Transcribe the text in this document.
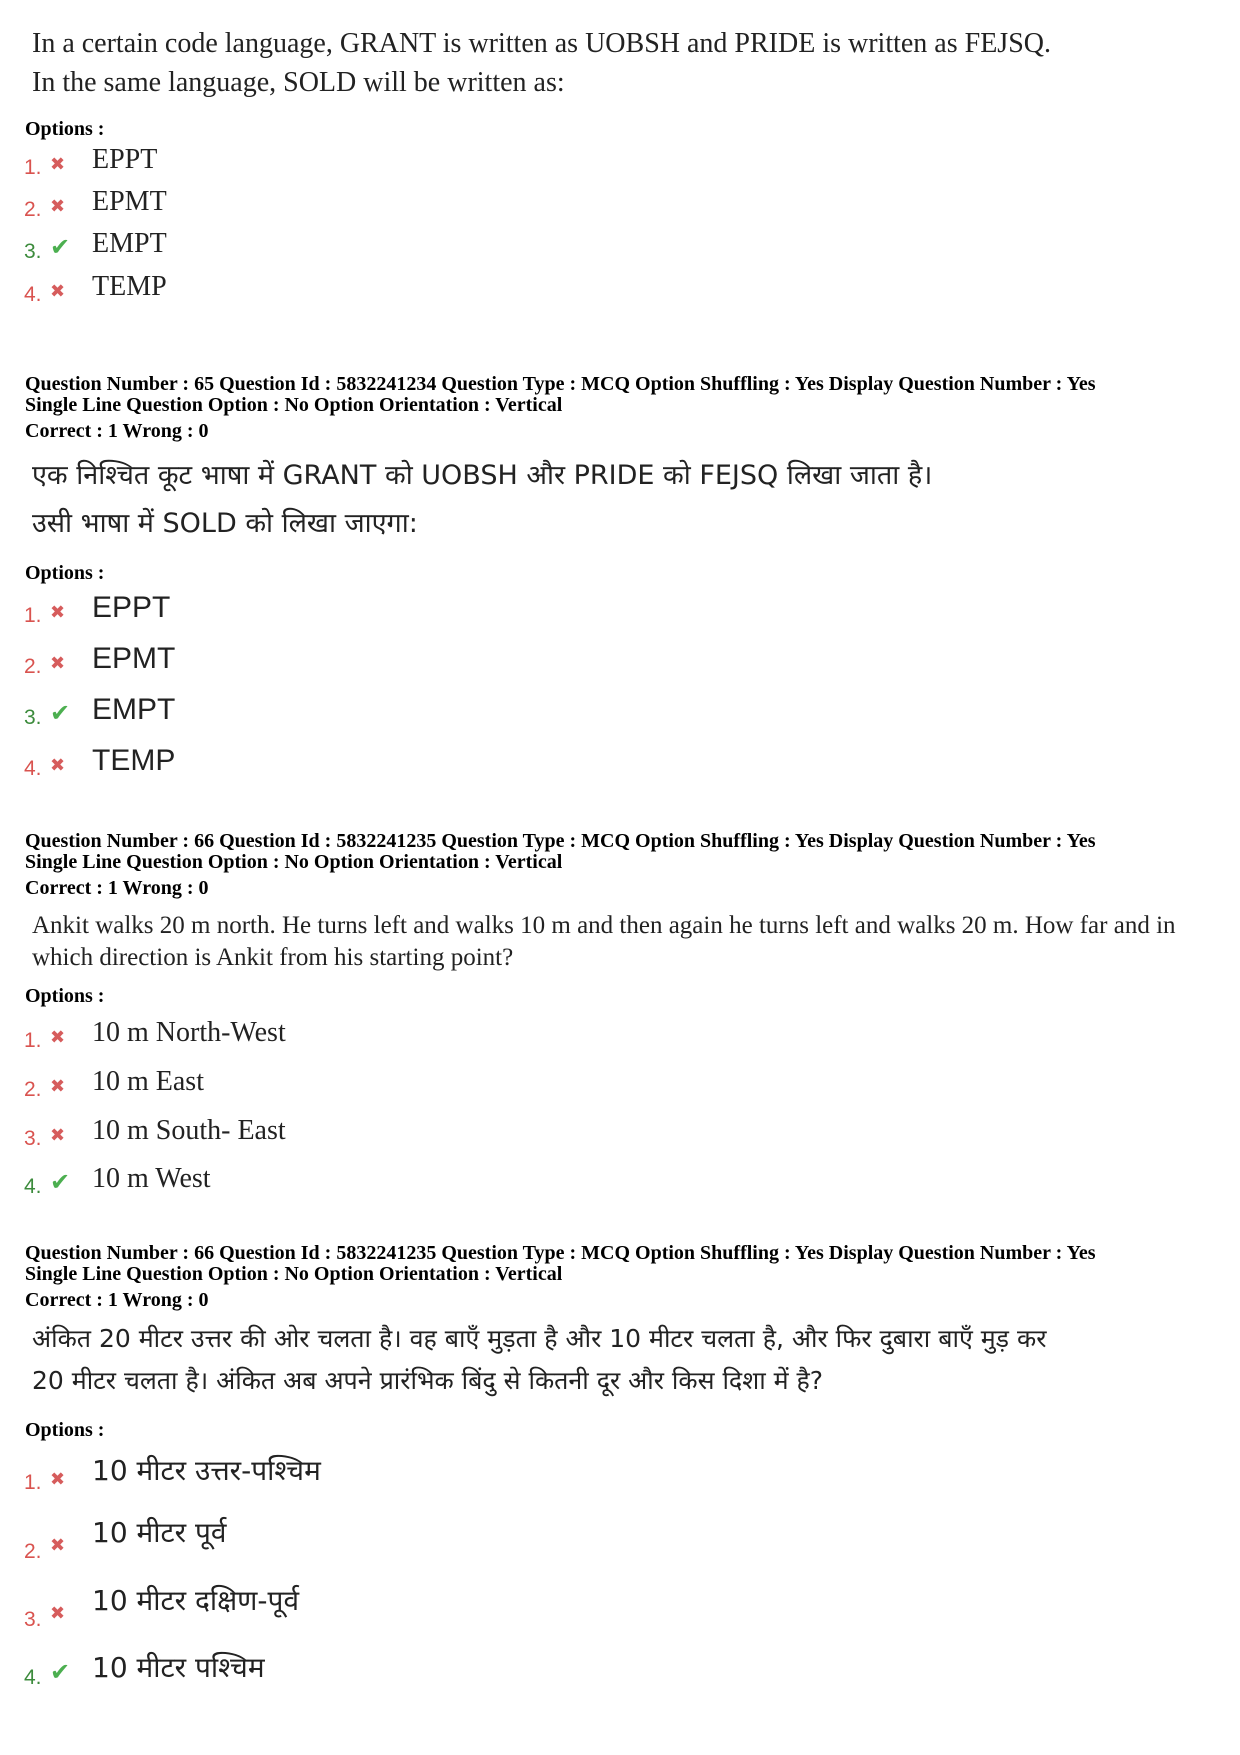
In a certain code language, GRANT is written as UOBSH and PRIDE is written as FEJSQ.
In the same language, SOLD will be written as:
Options :
1. ✖ EPPT
2. ✖ EPMT
3. ✔ EMPT
4. ✖ TEMP
Question Number : 65 Question Id : 5832241234 Question Type : MCQ Option Shuffling : Yes Display Question Number : Yes
Single Line Question Option : No Option Orientation : Vertical
Correct : 1 Wrong : 0
एक निश्चित कूट भाषा में GRANT को UOBSH और PRIDE को FEJSQ लिखा जाता है।
उसी भाषा में SOLD को लिखा जाएगा:
Options :
1. ✖ EPPT
2. ✖ EPMT
3. ✔ EMPT
4. ✖ TEMP
Question Number : 66 Question Id : 5832241235 Question Type : MCQ Option Shuffling : Yes Display Question Number : Yes
Single Line Question Option : No Option Orientation : Vertical
Correct : 1 Wrong : 0
Ankit walks 20 m north. He turns left and walks 10 m and then again he turns left and walks 20 m. How far and in
which direction is Ankit from his starting point?
Options :
1. ✖ 10 m North-West
2. ✖ 10 m East
3. ✖ 10 m South- East
4. ✔ 10 m West
Question Number : 66 Question Id : 5832241235 Question Type : MCQ Option Shuffling : Yes Display Question Number : Yes
Single Line Question Option : No Option Orientation : Vertical
Correct : 1 Wrong : 0
अंकित 20 मीटर उत्तर की ओर चलता है। वह बाएँ मुड़ता है और 10 मीटर चलता है, और फिर दुबारा बाएँ मुड़ कर
20 मीटर चलता है। अंकित अब अपने प्रारंभिक बिंदु से कितनी दूर और किस दिशा में है?
Options :
1. ✖ 10 मीटर उत्तर-पश्चिम
2. ✖ 10 मीटर पूर्व
3. ✖ 10 मीटर दक्षिण-पूर्व
4. ✔ 10 मीटर पश्चिम
